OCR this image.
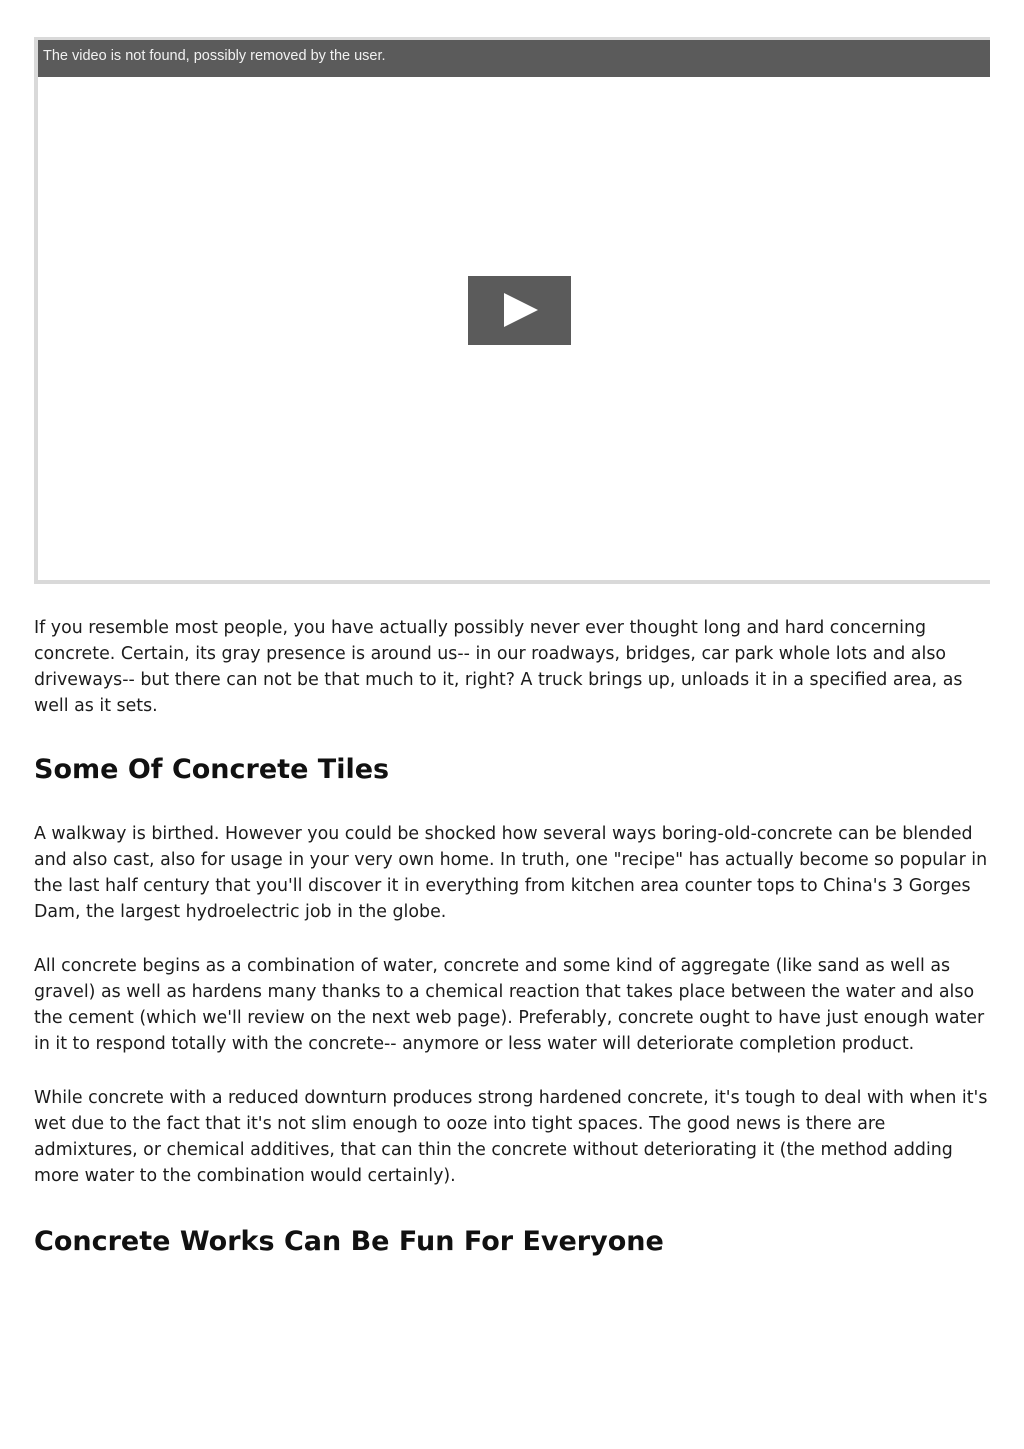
The video is not found, possibly removed by the user.

If you resemble most people, you have actually possibly never ever thought long and hard concerning concrete. Certain, its gray presence is around us-- in our roadways, bridges, car park whole lots and also driveways-- but there can not be that much to it, right? A truck brings up, unloads it in a specified area, as well as it sets.

Some Of Concrete Tiles

A walkway is birthed. However you could be shocked how several ways boring-old-concrete can be blended and also cast, also for usage in your very own home. In truth, one "recipe" has actually become so popular in the last half century that you'll discover it in everything from kitchen area counter tops to China's 3 Gorges Dam, the largest hydroelectric job in the globe.

All concrete begins as a combination of water, concrete and some kind of aggregate (like sand as well as gravel) as well as hardens many thanks to a chemical reaction that takes place between the water and also the cement (which we'll review on the next web page). Preferably, concrete ought to have just enough water in it to respond totally with the concrete-- anymore or less water will deteriorate completion product.

While concrete with a reduced downturn produces strong hardened concrete, it's tough to deal with when it's wet due to the fact that it's not slim enough to ooze into tight spaces. The good news is there are admixtures, or chemical additives, that can thin the concrete without deteriorating it (the method adding more water to the combination would certainly).

Concrete Works Can Be Fun For Everyone
